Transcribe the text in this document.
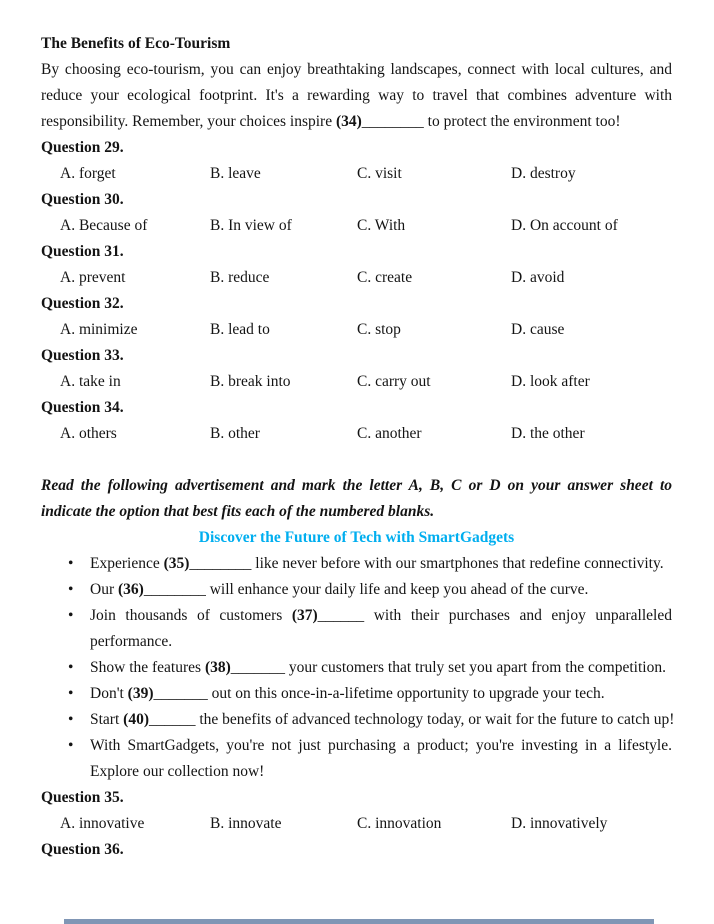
The Benefits of Eco-Tourism
By choosing eco-tourism, you can enjoy breathtaking landscapes, connect with local cultures, and reduce your ecological footprint. It's a rewarding way to travel that combines adventure with responsibility. Remember, your choices inspire (34)________ to protect the environment too!
Question 29.
A. forget	B. leave	C. visit	D. destroy
Question 30.
A. Because of	B. In view of	C. With	D. On account of
Question 31.
A. prevent	B. reduce	C. create	D. avoid
Question 32.
A. minimize	B. lead to	C. stop	D. cause
Question 33.
A. take in	B. break into	C. carry out	D. look after
Question 34.
A. others	B. other	C. another	D. the other
Read the following advertisement and mark the letter A, B, C or D on your answer sheet to indicate the option that best fits each of the numbered blanks.
Discover the Future of Tech with SmartGadgets
•	Experience (35)________ like never before with our smartphones that redefine connectivity.
•	Our (36)________ will enhance your daily life and keep you ahead of the curve.
•	Join thousands of customers (37)______ with their purchases and enjoy unparalleled performance.
•	Show the features (38)_______ your customers that truly set you apart from the competition.
•	Don't (39)_______ out on this once-in-a-lifetime opportunity to upgrade your tech.
•	Start (40)______ the benefits of advanced technology today, or wait for the future to catch up!
•	With SmartGadgets, you're not just purchasing a product; you're investing in a lifestyle. Explore our collection now!
Question 35.
A. innovative	B. innovate	C. innovation	D. innovatively
Question 36.
